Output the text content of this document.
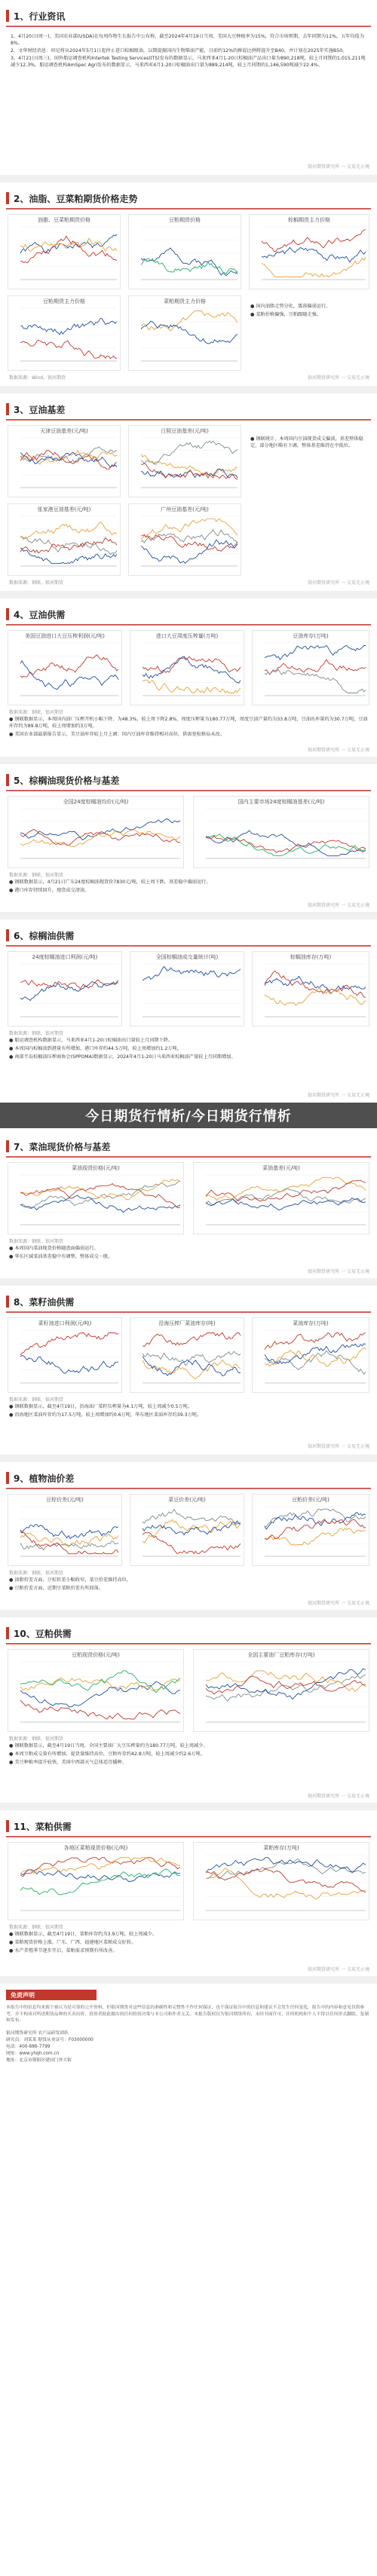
1、行业资讯

1、4月20日(周一)，美国农业部(USDA)在每周作物生长报告中公布称，截至2024年4月19日当周，美国大豆种植率为15%，符合市场预期，去年同期为11%，五年均值为8%。

2、文华财经消息：印尼将从2024年5月1日起停止进口棕榈原油，以期提振国内生物柴油产能，目前约12%的掺混比例将提升至B40，并计划在2025年实施B50。

3、4月21日(周三)，国外船运调查机构Intertek Testing Services(ITS)发布的数据显示，马来西亚4月1-20日棕榈油产品出口量为890,218吨，较上月同期的1,015,211吨减少12.3%。船运调查机构AmSpec Agri发布的数据显示，马来西亚4月1-20日棕榈油出口量为889,214吨，较上月同期的1,146,590吨减少22.4%。

银河期货研究所 一 交易无止境
2、油脂、豆菜粕期货价格走势
油脂、豆菜粕期货价格	豆粕期货价格	棕榈期货主力价格
豆粕期货主力价格	菜粕期货主力价格
● 国内油脂走势分化，震荡偏弱运行。
● 菜粕价格偏强，豆粕跟随走强。
数据来源：Wind、银河期货	银河期货研究所 一 交易无止境
3、豆油基差
天津豆油基差(元/吨)	日照豆油基差(元/吨)
张家港豆油基差(元/吨)	广州豆油基差(元/吨)
● 钢联统计，本周国内豆油现货成交偏淡，基差整体稳定，部分地区略有下调，整体基差维持在中低位。
数据来源：钢联、银河期货	银河期货研究所 一 交易无止境
4、豆油供需
美国豆油进口大豆压榨利润(元/吨)	进口大豆周度压榨量(万吨)	豆油库存(万吨)
数据来源：钢联、银河期货
● 钢联数据显示，本周国内油厂压榨开机小幅下降，为48.3%，较上周下降2.8%，周度压榨量为180.77万吨，周度豆油产量约为33.8万吨，豆油出库量约为30.7万吨，豆油库存约为89.8万吨，较上周增加约3万吨。
● 美国农业部最新报告显示，美豆油库存较上月上调；国内豆油库存维持相对高位，供需宽松格局未改。
银河期货研究所 一 交易无止境
5、棕榈油现货价格与基差
全国24度棕榈油均价(元/吨)	国内主要市场24度棕榈油基差(元/吨)
数据来源：钢联、银河期货
● 钢联数据显示，4月21日广东24度棕榈油现货价7830元/吨，较上周下跌，基差稳中偏弱运行。
● 港口库存持续回升，现货成交清淡。
银河期货研究所 一 交易无止境
6、棕榈油供需
24度棕榈油进口利润(元/吨)	全国棕榈油成交量统计(吨)	棕榈油库存(万吨)
数据来源：钢联、银河期货
● 船运调查机构数据显示，马来西亚4月1-20日棕榈油出口量较上月同期下降。
● 本周国内棕榈油到港量有所增加，港口库存约44.5万吨，较上周增加约1.2万吨。
● 南部半岛棕榈油压榨商协会(SPPOMA)数据显示，2024年4月1-20日马来西亚棕榈油产量较上月同期增加。
银河期货研究所 一 交易无止境
今日期货行情析/今日期货行情析
7、菜油现货价格与基差
菜油现货价格(元/吨)	菜油基差(元/吨)
数据来源：钢联、银河期货
● 本周国内菜油现货价格随盘面偏弱运行。
● 华东区域菜油基差稳中有调整，整体成交一般。
银河期货研究所 一 交易无止境
8、菜籽油供需
菜籽油进口利润(元/吨)	沿海压榨厂菜油库存(吨)	菜油库存(万吨)
数据来源：钢联、银河期货
● 钢联数据显示，截至4月19日，沿海油厂菜籽压榨量为4.1万吨，较上周减少0.5万吨。
● 沿海地区菜油库存约为17.5万吨，较上周增加约0.6万吨，华东地区菜油库存约39.3万吨。
银河期货研究所 一 交易无止境
9、植物油价差
豆棕价差(元/吨)	菜豆价差(元/吨)	豆粕价差(元/吨)
数据来源：钢联、银河期货
● 油脂价差方面，豆棕价差小幅收窄，菜豆价差维持高位。
● 豆粕价差方面，近期豆菜粕价差有所回落。
银河期货研究所 一 交易无止境
10、豆粕供需
豆粕现货价格(元/吨)	全国主要油厂豆粕库存(万吨)
数据来源：钢联、银河期货
● 钢联数据显示，截至4月19日当周，全国主要油厂大豆压榨量约为180.77万吨，较上周减少。
● 本周豆粕成交量有所增加，提货量维持高位，豆粕库存约42.8万吨，较上周减少约2.6万吨。
● 美豆种植率提升较快，美国中西部天气总体适宜播种。
银河期货研究所 一 交易无止境
11、菜粕供需
各地区菜粕现货价格(元/吨)	菜粕库存(万吨)
数据来源：钢联、银河期货
● 钢联数据显示，截至4月19日，菜粕库存约为3.9万吨，较上周减少。
● 菜粕现货价格上涨，广东、广西、福建地区菜粕成交好转。
● 水产养殖季节逐步开启，菜粕需求预期有所改善。
银河期货研究所 一 交易无止境
免责声明
本报告中的信息均来源于被认为是可靠的公开资料，但银河期货对这些信息的准确性和完整性不作任何保证，也不保证报告中的信息和建议不会发生任何变化。报告中的内容和意见仅供参考，并不构成对所述期货品种的买卖出价，投资者据此做出的任何投资决策与本公司和作者无关。本报告版权仅为银河期货所有，未经书面许可，任何机构和个人不得以任何形式翻版、复制和发布。
银河期货研究所 农产品研发团队
研究员：刘某某 期货从业证号：F03000000
电话：400-886-7799
网址：www.yhqh.com.cn
地址：北京市朝阳区建国门外大街
